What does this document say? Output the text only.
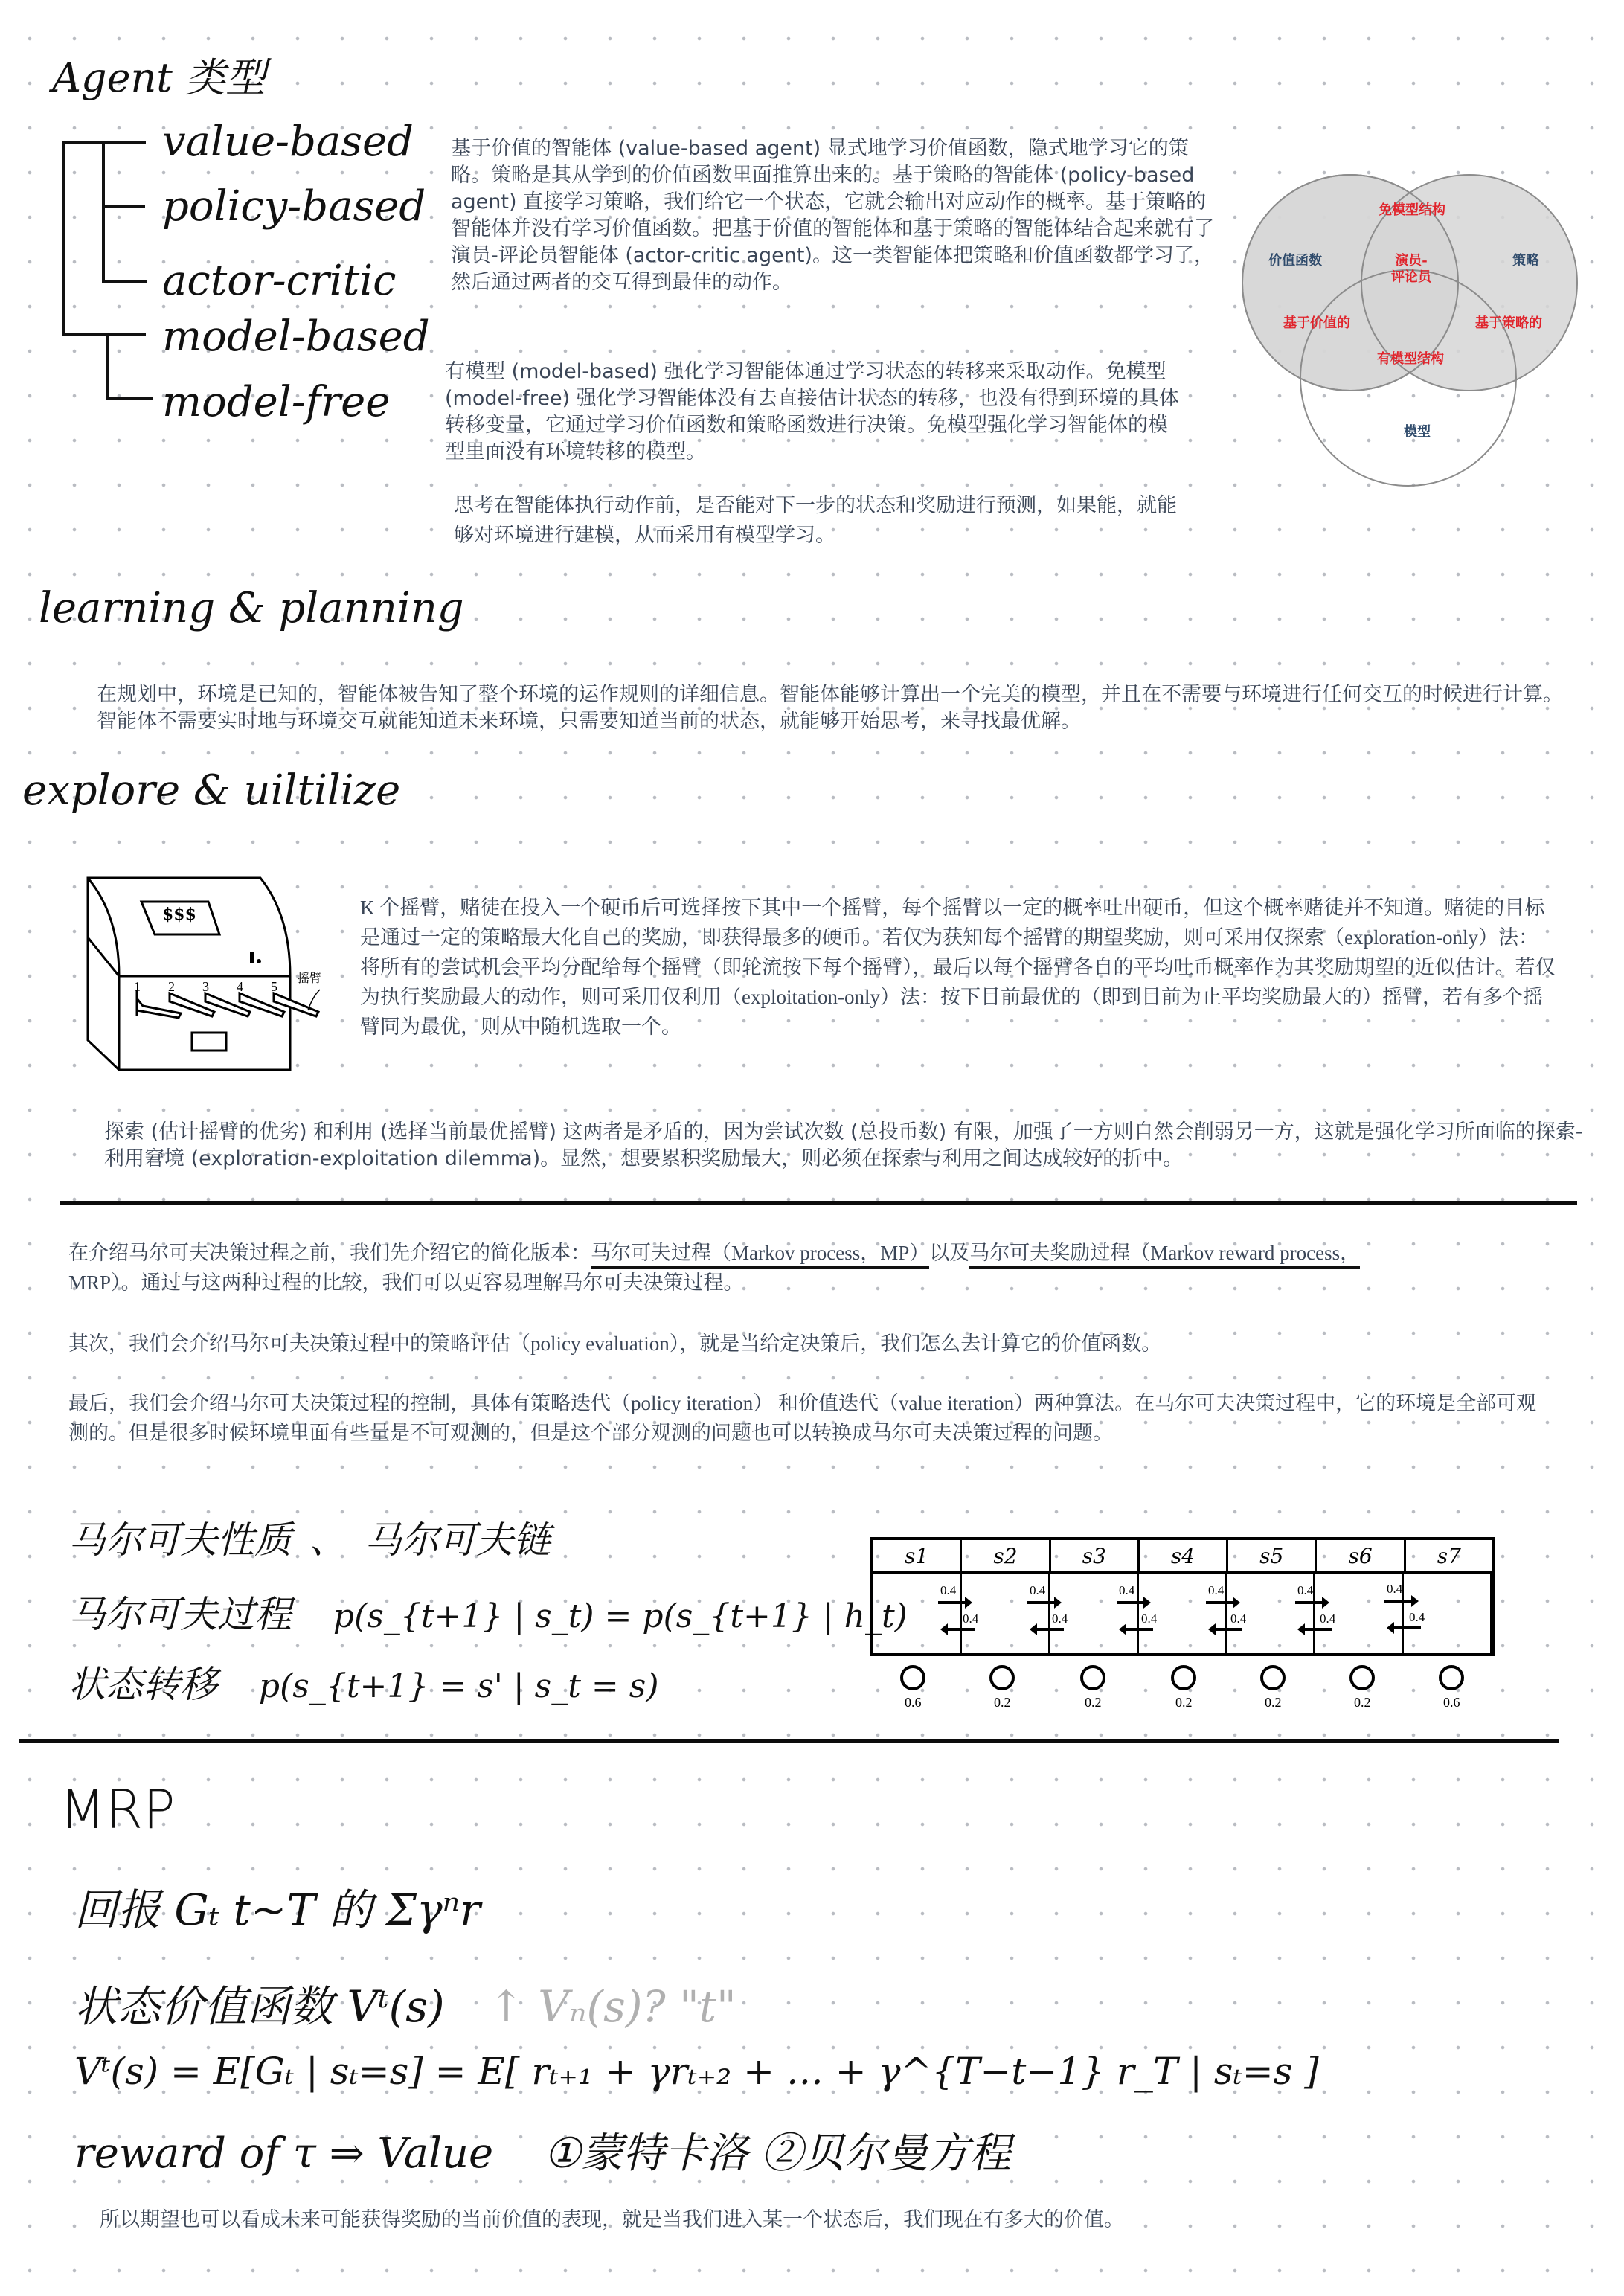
Agent 类型
value-based
policy-based
actor-critic
model-based
model-free
基于价值的智能体 (value-based agent) 显式地学习价值函数，隐式地学习它的策略。策略是其从学到的价值函数里面推算出来的。基于策略的智能体 (policy-based agent) 直接学习策略，我们给它一个状态，它就会输出对应动作的概率。基于策略的智能体并没有学习价值函数。把基于价值的智能体和基于策略的智能体结合起来就有了演员-评论员智能体 (actor-critic agent)。这一类智能体把策略和价值函数都学习了，然后通过两者的交互得到最佳的动作。
有模型 (model-based) 强化学习智能体通过学习状态的转移来采取动作。免模型 (model-free) 强化学习智能体没有去直接估计状态的转移，也没有得到环境的具体转移变量，它通过学习价值函数和策略函数进行决策。免模型强化学习智能体的模型里面没有环境转移的模型。
思考在智能体执行动作前，是否能对下一步的状态和奖励进行预测，如果能，就能够对环境进行建模，从而采用有模型学习。
免模型结构
价值函数	策略
演员-评论员
基于价值的	基于策略的
有模型结构
模型
learning & planning
在规划中，环境是已知的，智能体被告知了整个环境的运作规则的详细信息。智能体能够计算出一个完美的模型，并且在不需要与环境进行任何交互的时候进行计算。智能体不需要实时地与环境交互就能知道未来环境，只需要知道当前的状态，就能够开始思考，来寻找最优解。
explore & uiltilize
$$$
1 2 3 4 5
摇臂
K 个摇臂，赌徒在投入一个硬币后可选择按下其中一个摇臂，每个摇臂以一定的概率吐出硬币，但这个概率赌徒并不知道。赌徒的目标是通过一定的策略最大化自己的奖励，即获得最多的硬币。若仅为获知每个摇臂的期望奖励，则可采用仅探索（exploration-only）法：将所有的尝试机会平均分配给每个摇臂（即轮流按下每个摇臂），最后以每个摇臂各自的平均吐币概率作为其奖励期望的近似估计。若仅为执行奖励最大的动作，则可采用仅利用（exploitation-only）法：按下目前最优的（即到目前为止平均奖励最大的）摇臂，若有多个摇臂同为最优，则从中随机选取一个。
探索 (估计摇臂的优劣) 和利用 (选择当前最优摇臂) 这两者是矛盾的，因为尝试次数 (总投币数) 有限，加强了一方则自然会削弱另一方，这就是强化学习所面临的探索-利用窘境 (exploration-exploitation dilemma)。显然，想要累积奖励最大，则必须在探索与利用之间达成较好的折中。
在介绍马尔可夫决策过程之前，我们先介绍它的简化版本：马尔可夫过程（Markov process，MP）以及马尔可夫奖励过程（Markov reward process，
MRP）。通过与这两种过程的比较，我们可以更容易理解马尔可夫决策过程。
其次，我们会介绍马尔可夫决策过程中的策略评估（policy evaluation），就是当给定决策后，我们怎么去计算它的价值函数。
最后，我们会介绍马尔可夫决策过程的控制，具体有策略迭代（policy iteration） 和价值迭代（value iteration）两种算法。在马尔可夫决策过程中，它的环境是全部可观测的。但是很多时候环境里面有些量是不可观测的，但是这个部分观测的问题也可以转换成马尔可夫决策过程的问题。
马尔可夫性质 、 马尔可夫链
马尔可夫过程 p(s_{t+1} | s_t) = p(s_{t+1} | h_t)
状态转移 p(s_{t+1} = s' | s_t = s)
s1	s2	s3	s4	s5	s6	s7
0.4
0.4
0.4
0.4
0.4
0.4
0.4
0.4
0.4
0.4
0.4
0.4
0.6	0.2	0.2	0.2	0.2	0.2	0.6
MRP
回报 Gₜ t~T 的 Σγⁿr
状态价值函数 Vᵗ(s) ↑ Vₙ(s)? "t"
Vᵗ(s) = E[Gₜ | sₜ=s] = E[ rₜ₊₁ + γrₜ₊₂ + … + γ^{T−t−1} r_T | sₜ=s ]
reward of τ ⇒ Value ①蒙特卡洛 ②贝尔曼方程
所以期望也可以看成未来可能获得奖励的当前价值的表现，就是当我们进入某一个状态后，我们现在有多大的价值。
